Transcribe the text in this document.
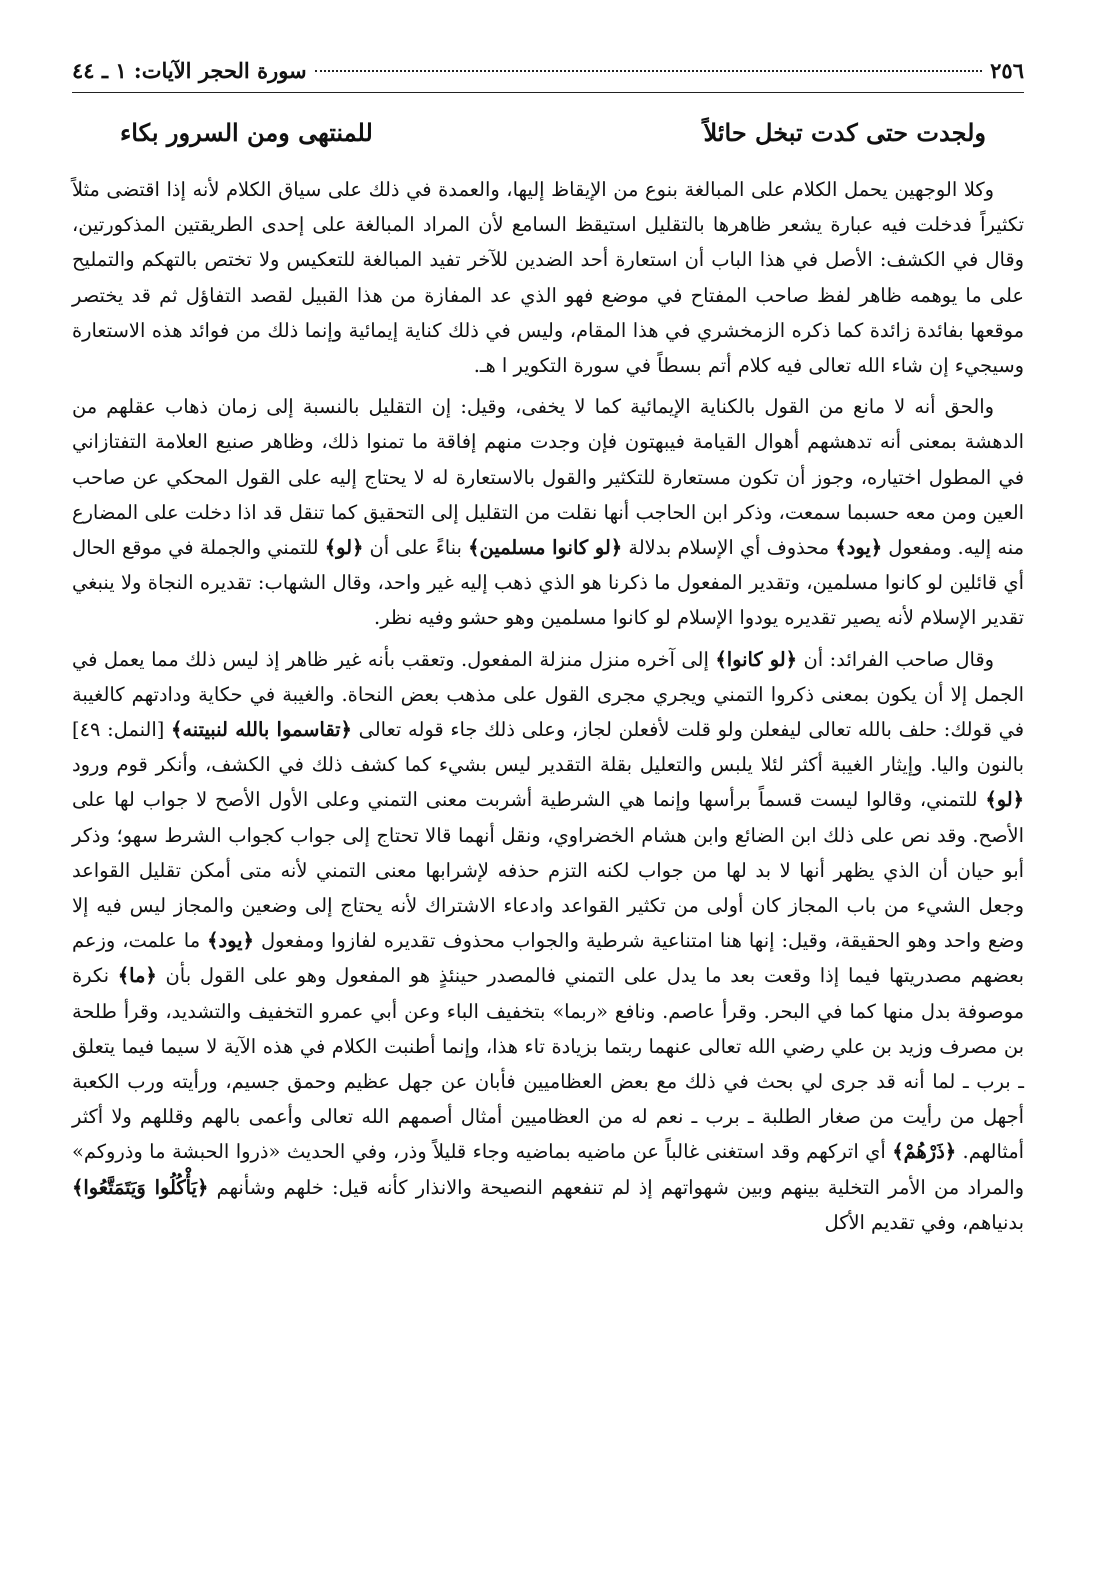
٢٥٦
سورة الحجر الآيات: ١ ـ ٤٤
ولجدت حتى كدت تبخل حائلاً
للمنتهى ومن السرور بكاء

وكلا الوجهين يحمل الكلام على المبالغة بنوع من الإيقاظ إليها، والعمدة في ذلك على سياق الكلام لأنه إذا اقتضى مثلاً تكثيراً فدخلت فيه عبارة يشعر ظاهرها بالتقليل استيقظ السامع لأن المراد المبالغة على إحدى الطريقتين المذكورتين، وقال في الكشف: الأصل في هذا الباب أن استعارة أحد الضدين للآخر تفيد المبالغة للتعكيس ولا تختص بالتهكم والتمليح على ما يوهمه ظاهر لفظ صاحب المفتاح في موضع فهو الذي عد المفازة من هذا القبيل لقصد التفاؤل ثم قد يختصر موقعها بفائدة زائدة كما ذكره الزمخشري في هذا المقام، وليس في ذلك كناية إيمائية وإنما ذلك من فوائد هذه الاستعارة وسيجيء إن شاء الله تعالى فيه كلام أتم بسطاً في سورة التكوير ا هـ.

والحق أنه لا مانع من القول بالكناية الإيمائية كما لا يخفى، وقيل: إن التقليل بالنسبة إلى زمان ذهاب عقلهم من الدهشة بمعنى أنه تدهشهم أهوال القيامة فيبهتون فإن وجدت منهم إفاقة ما تمنوا ذلك، وظاهر صنيع العلامة التفتازاني في المطول اختياره، وجوز أن تكون مستعارة للتكثير والقول بالاستعارة له لا يحتاج إليه على القول المحكي عن صاحب العين ومن معه حسبما سمعت، وذكر ابن الحاجب أنها نقلت من التقليل إلى التحقيق كما تنقل قد اذا دخلت على المضارع منه إليه. ومفعول ﴿يود﴾ محذوف أي الإسلام بدلالة ﴿لو كانوا مسلمين﴾ بناءً على أن ﴿لو﴾ للتمني والجملة في موقع الحال أي قائلين لو كانوا مسلمين، وتقدير المفعول ما ذكرنا هو الذي ذهب إليه غير واحد، وقال الشهاب: تقديره النجاة ولا ينبغي تقدير الإسلام لأنه يصير تقديره يودوا الإسلام لو كانوا مسلمين وهو حشو وفيه نظر.

وقال صاحب الفرائد: أن ﴿لو كانوا﴾ إلى آخره منزل منزلة المفعول. وتعقب بأنه غير ظاهر إذ ليس ذلك مما يعمل في الجمل إلا أن يكون بمعنى ذكروا التمني ويجري مجرى القول على مذهب بعض النحاة. والغيبة في حكاية ودادتهم كالغيبة في قولك: حلف بالله تعالى ليفعلن ولو قلت لأفعلن لجاز، وعلى ذلك جاء قوله تعالى ﴿تقاسموا بالله لنبيتنه﴾ [النمل: ٤٩] بالنون واليا. وإيثار الغيبة أكثر لئلا يلبس والتعليل بقلة التقدير ليس بشيء كما كشف ذلك في الكشف، وأنكر قوم ورود ﴿لو﴾ للتمني، وقالوا ليست قسماً برأسها وإنما هي الشرطية أشربت معنى التمني وعلى الأول الأصح لا جواب لها على الأصح. وقد نص على ذلك ابن الضائع وابن هشام الخضراوي، ونقل أنهما قالا تحتاج إلى جواب كجواب الشرط سهو؛ وذكر أبو حيان أن الذي يظهر أنها لا بد لها من جواب لكنه التزم حذفه لإشرابها معنى التمني لأنه متى أمكن تقليل القواعد وجعل الشيء من باب المجاز كان أولى من تكثير القواعد وادعاء الاشتراك لأنه يحتاج إلى وضعين والمجاز ليس فيه إلا وضع واحد وهو الحقيقة، وقيل: إنها هنا امتناعية شرطية والجواب محذوف تقديره لفازوا ومفعول ﴿يود﴾ ما علمت، وزعم بعضهم مصدريتها فيما إذا وقعت بعد ما يدل على التمني فالمصدر حينئذٍ هو المفعول وهو على القول بأن ﴿ما﴾ نكرة موصوفة بدل منها كما في البحر. وقرأ عاصم. ونافع «ربما» بتخفيف الباء وعن أبي عمرو التخفيف والتشديد، وقرأ طلحة بن مصرف وزيد بن علي رضي الله تعالى عنهما ربتما بزيادة تاء هذا، وإنما أطنبت الكلام في هذه الآية لا سيما فيما يتعلق ـ برب ـ لما أنه قد جرى لي بحث في ذلك مع بعض العظاميين فأبان عن جهل عظيم وحمق جسيم، ورأيته ورب الكعبة أجهل من رأيت من صغار الطلبة ـ برب ـ نعم له من العظاميين أمثال أصمهم الله تعالى وأعمى بالهم وقللهم ولا أكثر أمثالهم. ﴿ذَرْهُمْ﴾ أي اتركهم وقد استغنى غالباً عن ماضيه بماضيه وجاء قليلاً وذر، وفي الحديث «ذروا الحبشة ما وذروكم» والمراد من الأمر التخلية بينهم وبين شهواتهم إذ لم تنفعهم النصيحة والانذار كأنه قيل: خلهم وشأنهم ﴿يَأْكُلُوا وَيَتَمَتَّعُوا﴾ بدنياهم، وفي تقديم الأكل
